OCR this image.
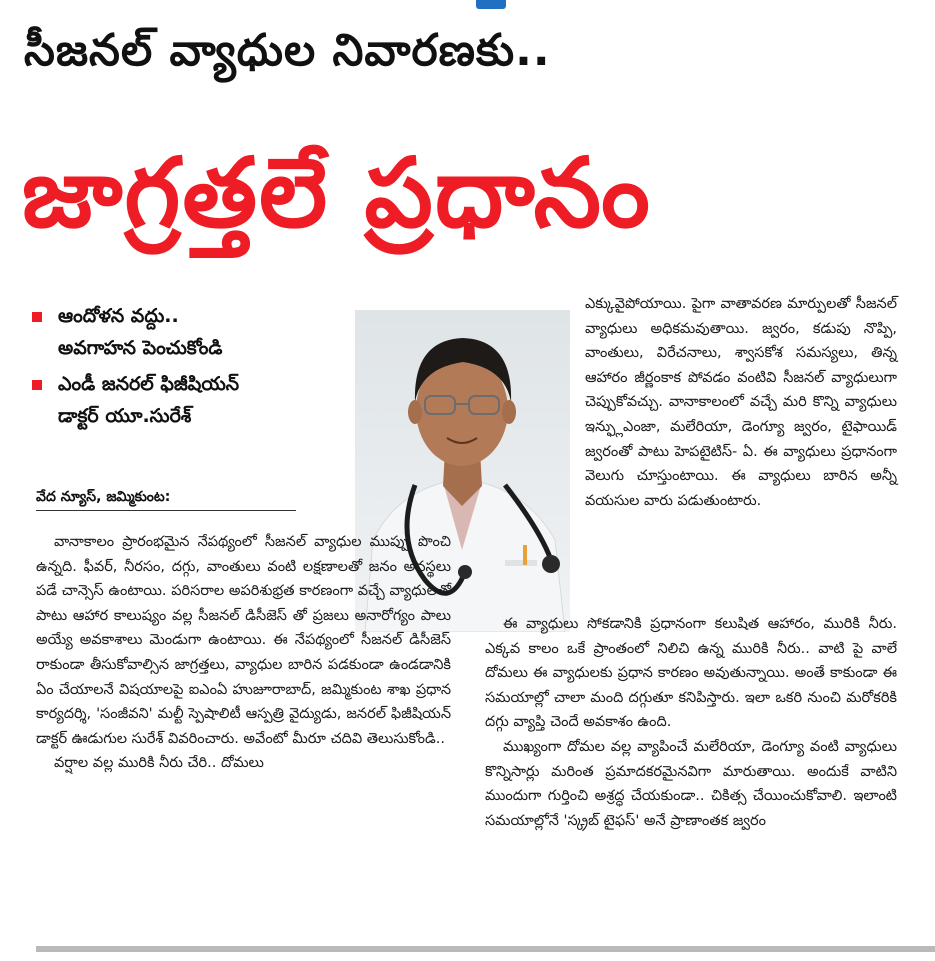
సీజనల్ వ్యాధుల నివారణకు..
జాగ్రత్తలే ప్రధానం
ఆందోళన వద్దు..
అవగాహన పెంచుకోండి
ఎండీ జనరల్ ఫిజీషియన్
డాక్టర్ యూ.సురేశ్
వేద న్యూస్, జమ్మికుంట:

వానాకాలం ప్రారంభమైన నేపథ్యంలో సీజనల్ వ్యాధుల ముప్పు పొంచి ఉన్నది. ఫీవర్, నీరసం, దగ్గు, వాంతులు వంటి లక్షణాలతో జనం అవస్థలు పడే చాన్సెస్ ఉంటాయి. పరిసరాల అపరిశుభ్రత కారణంగా వచ్చే వ్యాధులతో పాటు ఆహార కాలుష్యం వల్ల సీజనల్ డిసీజెస్ తో ప్రజలు అనారోగ్యం పాలు అయ్యే అవకాశాలు మెండుగా ఉంటాయి. ఈ నేపథ్యంలో సీజనల్ డిసీజెస్ రాకుండా తీసుకోవాల్సిన జాగ్రత్తలు, వ్యాధుల బారిన పడకుండా ఉండడానికి ఏం చేయాలనే విషయాలపై ఐఎంఏ హుజూరాబాద్, జమ్మికుంట శాఖ ప్రధాన కార్యదర్శి, 'సంజీవని' మల్టీ స్పెషాలిటీ ఆస్పత్రి వైద్యుడు, జనరల్ ఫిజీషియన్ డాక్టర్ ఊడుగుల సురేశ్ వివరించారు. అవేంటో మీరూ చదివి తెలుసుకోండి..

వర్షాల వల్ల మురికి నీరు చేరి.. దోమలు

ఎక్కువైపోయాయి. పైగా వాతావరణ మార్పులతో సీజనల్ వ్యాధులు అధికమవుతాయి. జ్వరం, కడుపు నొప్పి, వాంతులు, విరేచనాలు, శ్వాసకోశ సమస్యలు, తిన్న ఆహారం జీర్ణంకాక పోవడం వంటివి సీజనల్ వ్యాధులుగా చెప్పుకోవచ్చు. వానాకాలంలో వచ్చే మరి కొన్ని వ్యాధులు ఇన్ఫ్లుఎంజా, మలేరియా, డెంగ్యూ జ్వరం, టైఫాయిడ్ జ్వరంతో పాటు హెపటైటిస్- ఏ. ఈ వ్యాధులు ప్రధానంగా వెలుగు చూస్తుంటాయి. ఈ వ్యాధులు బారిన అన్నీ వయసుల వారు పడుతుంటారు.

ఈ వ్యాధులు సోకడానికి ప్రధానంగా కలుషిత ఆహారం, మురికి నీరు. ఎక్కవ కాలం ఒకే ప్రాంతంలో నిలిచి ఉన్న మురికి నీరు.. వాటి పై వాలే దోమలు ఈ వ్యాధులకు ప్రధాన కారణం అవుతున్నాయి. అంతే కాకుండా ఈ సమయాల్లో చాలా మంది దగ్గుతూ కనిపిస్తారు. ఇలా ఒకరి నుంచి మరోకరికి దగ్గు వ్యాప్తి చెందే అవకాశం ఉంది.

ముఖ్యంగా దోమల వల్ల వ్యాపించే మలేరియా, డెంగ్యూ వంటి వ్యాధులు కొన్నిసార్లు మరింత ప్రమాదకరమైనవిగా మారుతాయి. అందుకే వాటిని ముందుగా గుర్తించి అశ్రద్ధ చేయకుండా.. చికిత్స చేయించుకోవాలి. ఇలాంటి సమయాల్లోనే 'స్క్రబ్ టైఫస్' అనే ప్రాణాంతక జ్వరం
